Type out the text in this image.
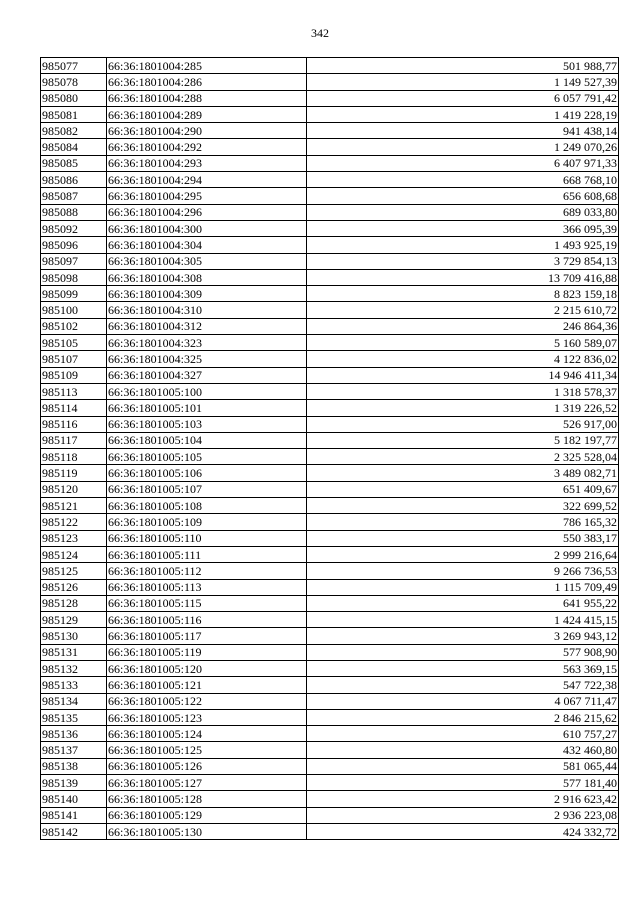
342
985077	66:36:1801004:285	501 988,77
985078	66:36:1801004:286	1 149 527,39
985080	66:36:1801004:288	6 057 791,42
985081	66:36:1801004:289	1 419 228,19
985082	66:36:1801004:290	941 438,14
985084	66:36:1801004:292	1 249 070,26
985085	66:36:1801004:293	6 407 971,33
985086	66:36:1801004:294	668 768,10
985087	66:36:1801004:295	656 608,68
985088	66:36:1801004:296	689 033,80
985092	66:36:1801004:300	366 095,39
985096	66:36:1801004:304	1 493 925,19
985097	66:36:1801004:305	3 729 854,13
985098	66:36:1801004:308	13 709 416,88
985099	66:36:1801004:309	8 823 159,18
985100	66:36:1801004:310	2 215 610,72
985102	66:36:1801004:312	246 864,36
985105	66:36:1801004:323	5 160 589,07
985107	66:36:1801004:325	4 122 836,02
985109	66:36:1801004:327	14 946 411,34
985113	66:36:1801005:100	1 318 578,37
985114	66:36:1801005:101	1 319 226,52
985116	66:36:1801005:103	526 917,00
985117	66:36:1801005:104	5 182 197,77
985118	66:36:1801005:105	2 325 528,04
985119	66:36:1801005:106	3 489 082,71
985120	66:36:1801005:107	651 409,67
985121	66:36:1801005:108	322 699,52
985122	66:36:1801005:109	786 165,32
985123	66:36:1801005:110	550 383,17
985124	66:36:1801005:111	2 999 216,64
985125	66:36:1801005:112	9 266 736,53
985126	66:36:1801005:113	1 115 709,49
985128	66:36:1801005:115	641 955,22
985129	66:36:1801005:116	1 424 415,15
985130	66:36:1801005:117	3 269 943,12
985131	66:36:1801005:119	577 908,90
985132	66:36:1801005:120	563 369,15
985133	66:36:1801005:121	547 722,38
985134	66:36:1801005:122	4 067 711,47
985135	66:36:1801005:123	2 846 215,62
985136	66:36:1801005:124	610 757,27
985137	66:36:1801005:125	432 460,80
985138	66:36:1801005:126	581 065,44
985139	66:36:1801005:127	577 181,40
985140	66:36:1801005:128	2 916 623,42
985141	66:36:1801005:129	2 936 223,08
985142	66:36:1801005:130	424 332,72
